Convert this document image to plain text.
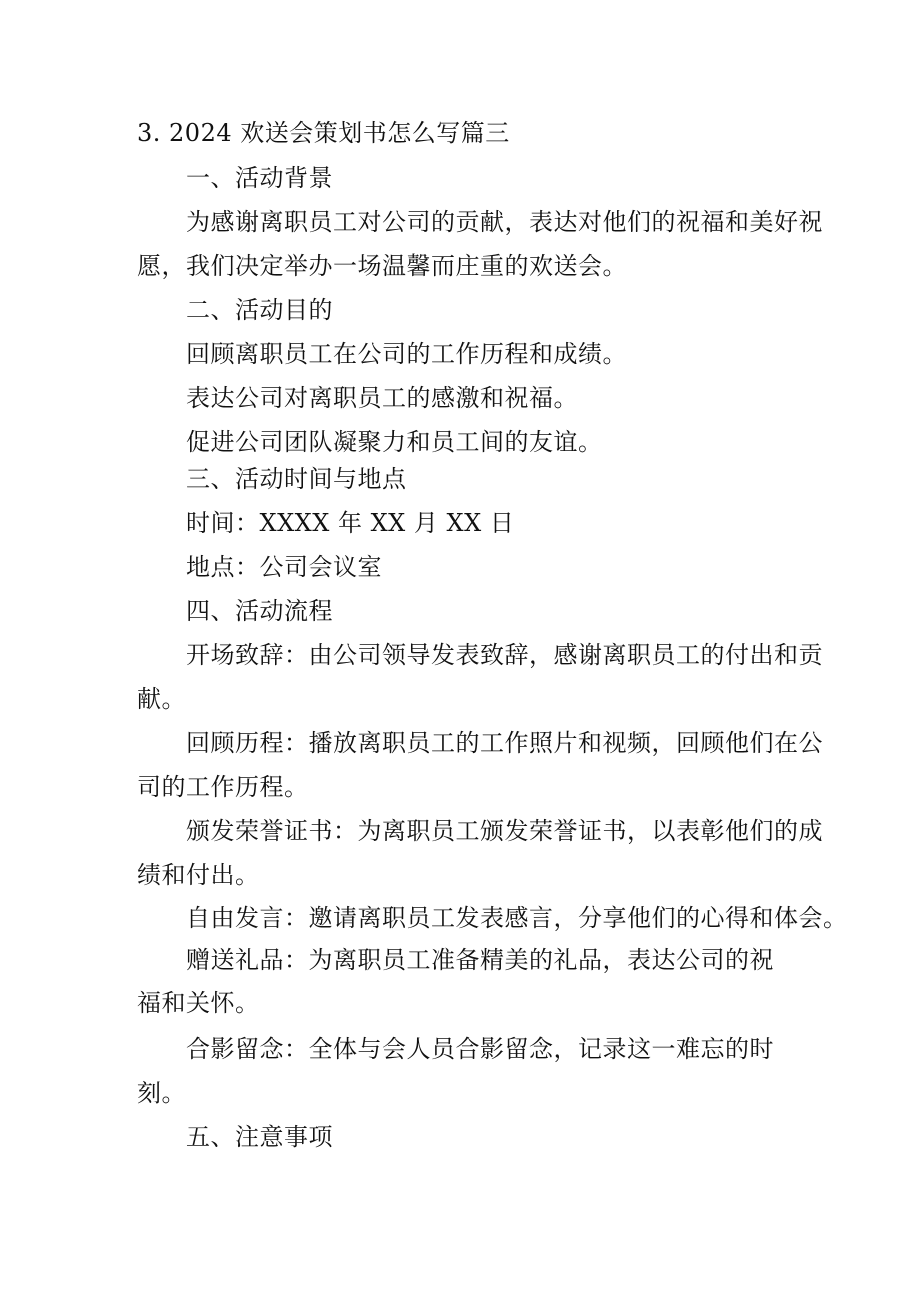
3. 2024 欢送会策划书怎么写篇三
一、活动背景
为感谢离职员工对公司的贡献，表达对他们的祝福和美好祝
愿，我们决定举办一场温馨而庄重的欢送会。
二、活动目的
回顾离职员工在公司的工作历程和成绩。
表达公司对离职员工的感激和祝福。
促进公司团队凝聚力和员工间的友谊。
三、活动时间与地点
时间：XXXX 年 XX 月 XX 日
地点：公司会议室
四、活动流程
开场致辞：由公司领导发表致辞，感谢离职员工的付出和贡
献。
回顾历程：播放离职员工的工作照片和视频，回顾他们在公
司的工作历程。
颁发荣誉证书：为离职员工颁发荣誉证书，以表彰他们的成
绩和付出。
自由发言：邀请离职员工发表感言，分享他们的心得和体会。
赠送礼品：为离职员工准备精美的礼品，表达公司的祝
福和关怀。
合影留念：全体与会人员合影留念，记录这一难忘的时
刻。
五、注意事项
